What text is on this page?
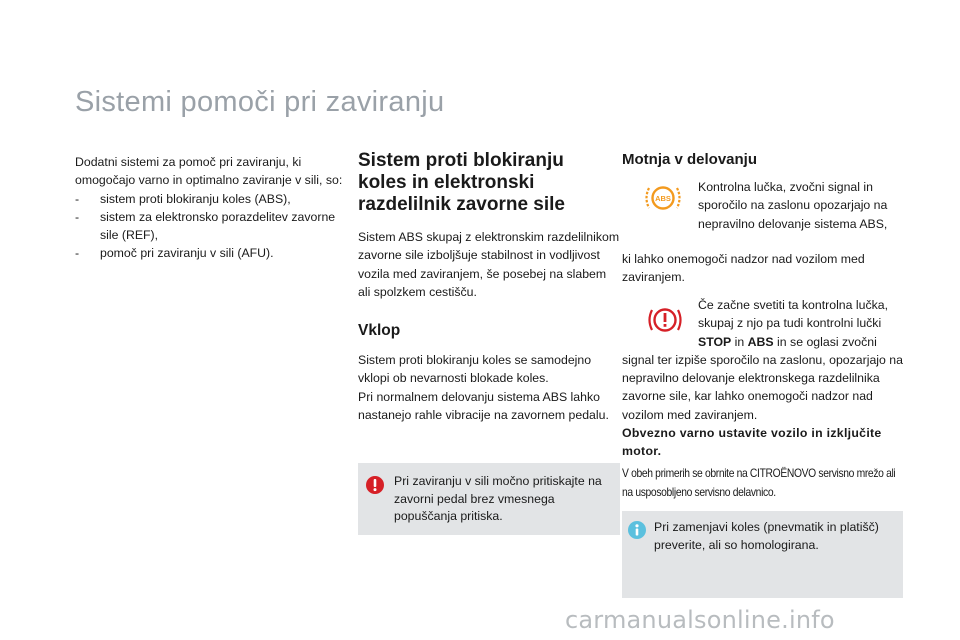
Sistemi pomoči pri zaviranju

Dodatni sistemi za pomoč pri zaviranju, ki omogočajo varno in optimalno zaviranje v sili, so:

- sistem proti blokiranju koles (ABS),
- sistem za elektronsko porazdelitev zavorne sile (REF),
- pomoč pri zaviranju v sili (AFU).
Sistem proti blokiranju
koles in elektronski
razdelilnik zavorne sile

Sistem ABS skupaj z elektronskim razdelilnikom zavorne sile izboljšuje stabilnost in vodljivost vozila med zaviranjem, še posebej na slabem ali spolzkem cestišču.

Vklop

Sistem proti blokiranju koles se samodejno vklopi ob nevarnosti blokade koles.

Pri normalnem delovanju sistema ABS lahko nastanejo rahle vibracije na zavornem pedalu.

Pri zaviranju v sili močno pritiskajte na zavorni pedal brez vmesnega popuščanja pritiska.
Motnja v delovanju
ABS
Kontrolna lučka, zvočni signal in sporočilo na zaslonu opozarjajo na nepravilno delovanje sistema ABS,
ki lahko onemogoči nadzor nad vozilom med zaviranjem.
Če začne svetiti ta kontrolna lučka, skupaj z njo pa tudi kontrolni lučki
STOP in ABS in se oglasi zvočni
signal ter izpiše sporočilo na zaslonu, opozarjajo na nepravilno delovanje elektronskega razdelilnika zavorne sile, kar lahko onemogoči nadzor nad vozilom med zaviranjem.
Obvezno varno ustavite vozilo in izključite motor.
V obeh primerih se obrnite na CITROËNOVO servisno mrežo ali na usposobljeno servisno delavnico.
Pri zamenjavi koles (pnevmatik in platišč) preverite, ali so homologirana.
carmanualsonline.info
